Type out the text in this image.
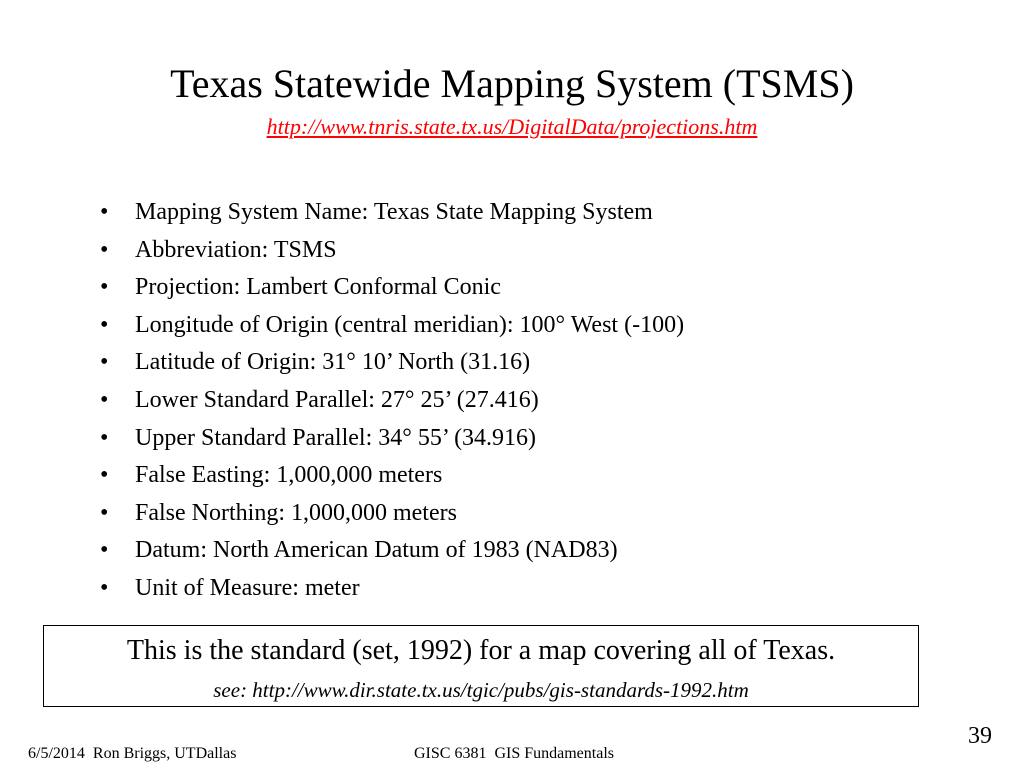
Texas Statewide Mapping System (TSMS)
http://www.tnris.state.tx.us/DigitalData/projections.htm
•	Mapping System Name: Texas State Mapping System
•	Abbreviation: TSMS
•	Projection: Lambert Conformal Conic
•	Longitude of Origin (central meridian): 100° West (-100)
•	Latitude of Origin: 31° 10’ North (31.16)
•	Lower Standard Parallel: 27° 25’ (27.416)
•	Upper Standard Parallel: 34° 55’ (34.916)
•	False Easting: 1,000,000 meters
•	False Northing: 1,000,000 meters
•	Datum: North American Datum of 1983 (NAD83)
•	Unit of Measure: meter
This is the standard (set, 1992) for a map covering all of Texas.
see: http://www.dir.state.tx.us/tgic/pubs/gis-standards-1992.htm
39
6/5/2014  Ron Briggs, UTDallas	GISC 6381  GIS Fundamentals
